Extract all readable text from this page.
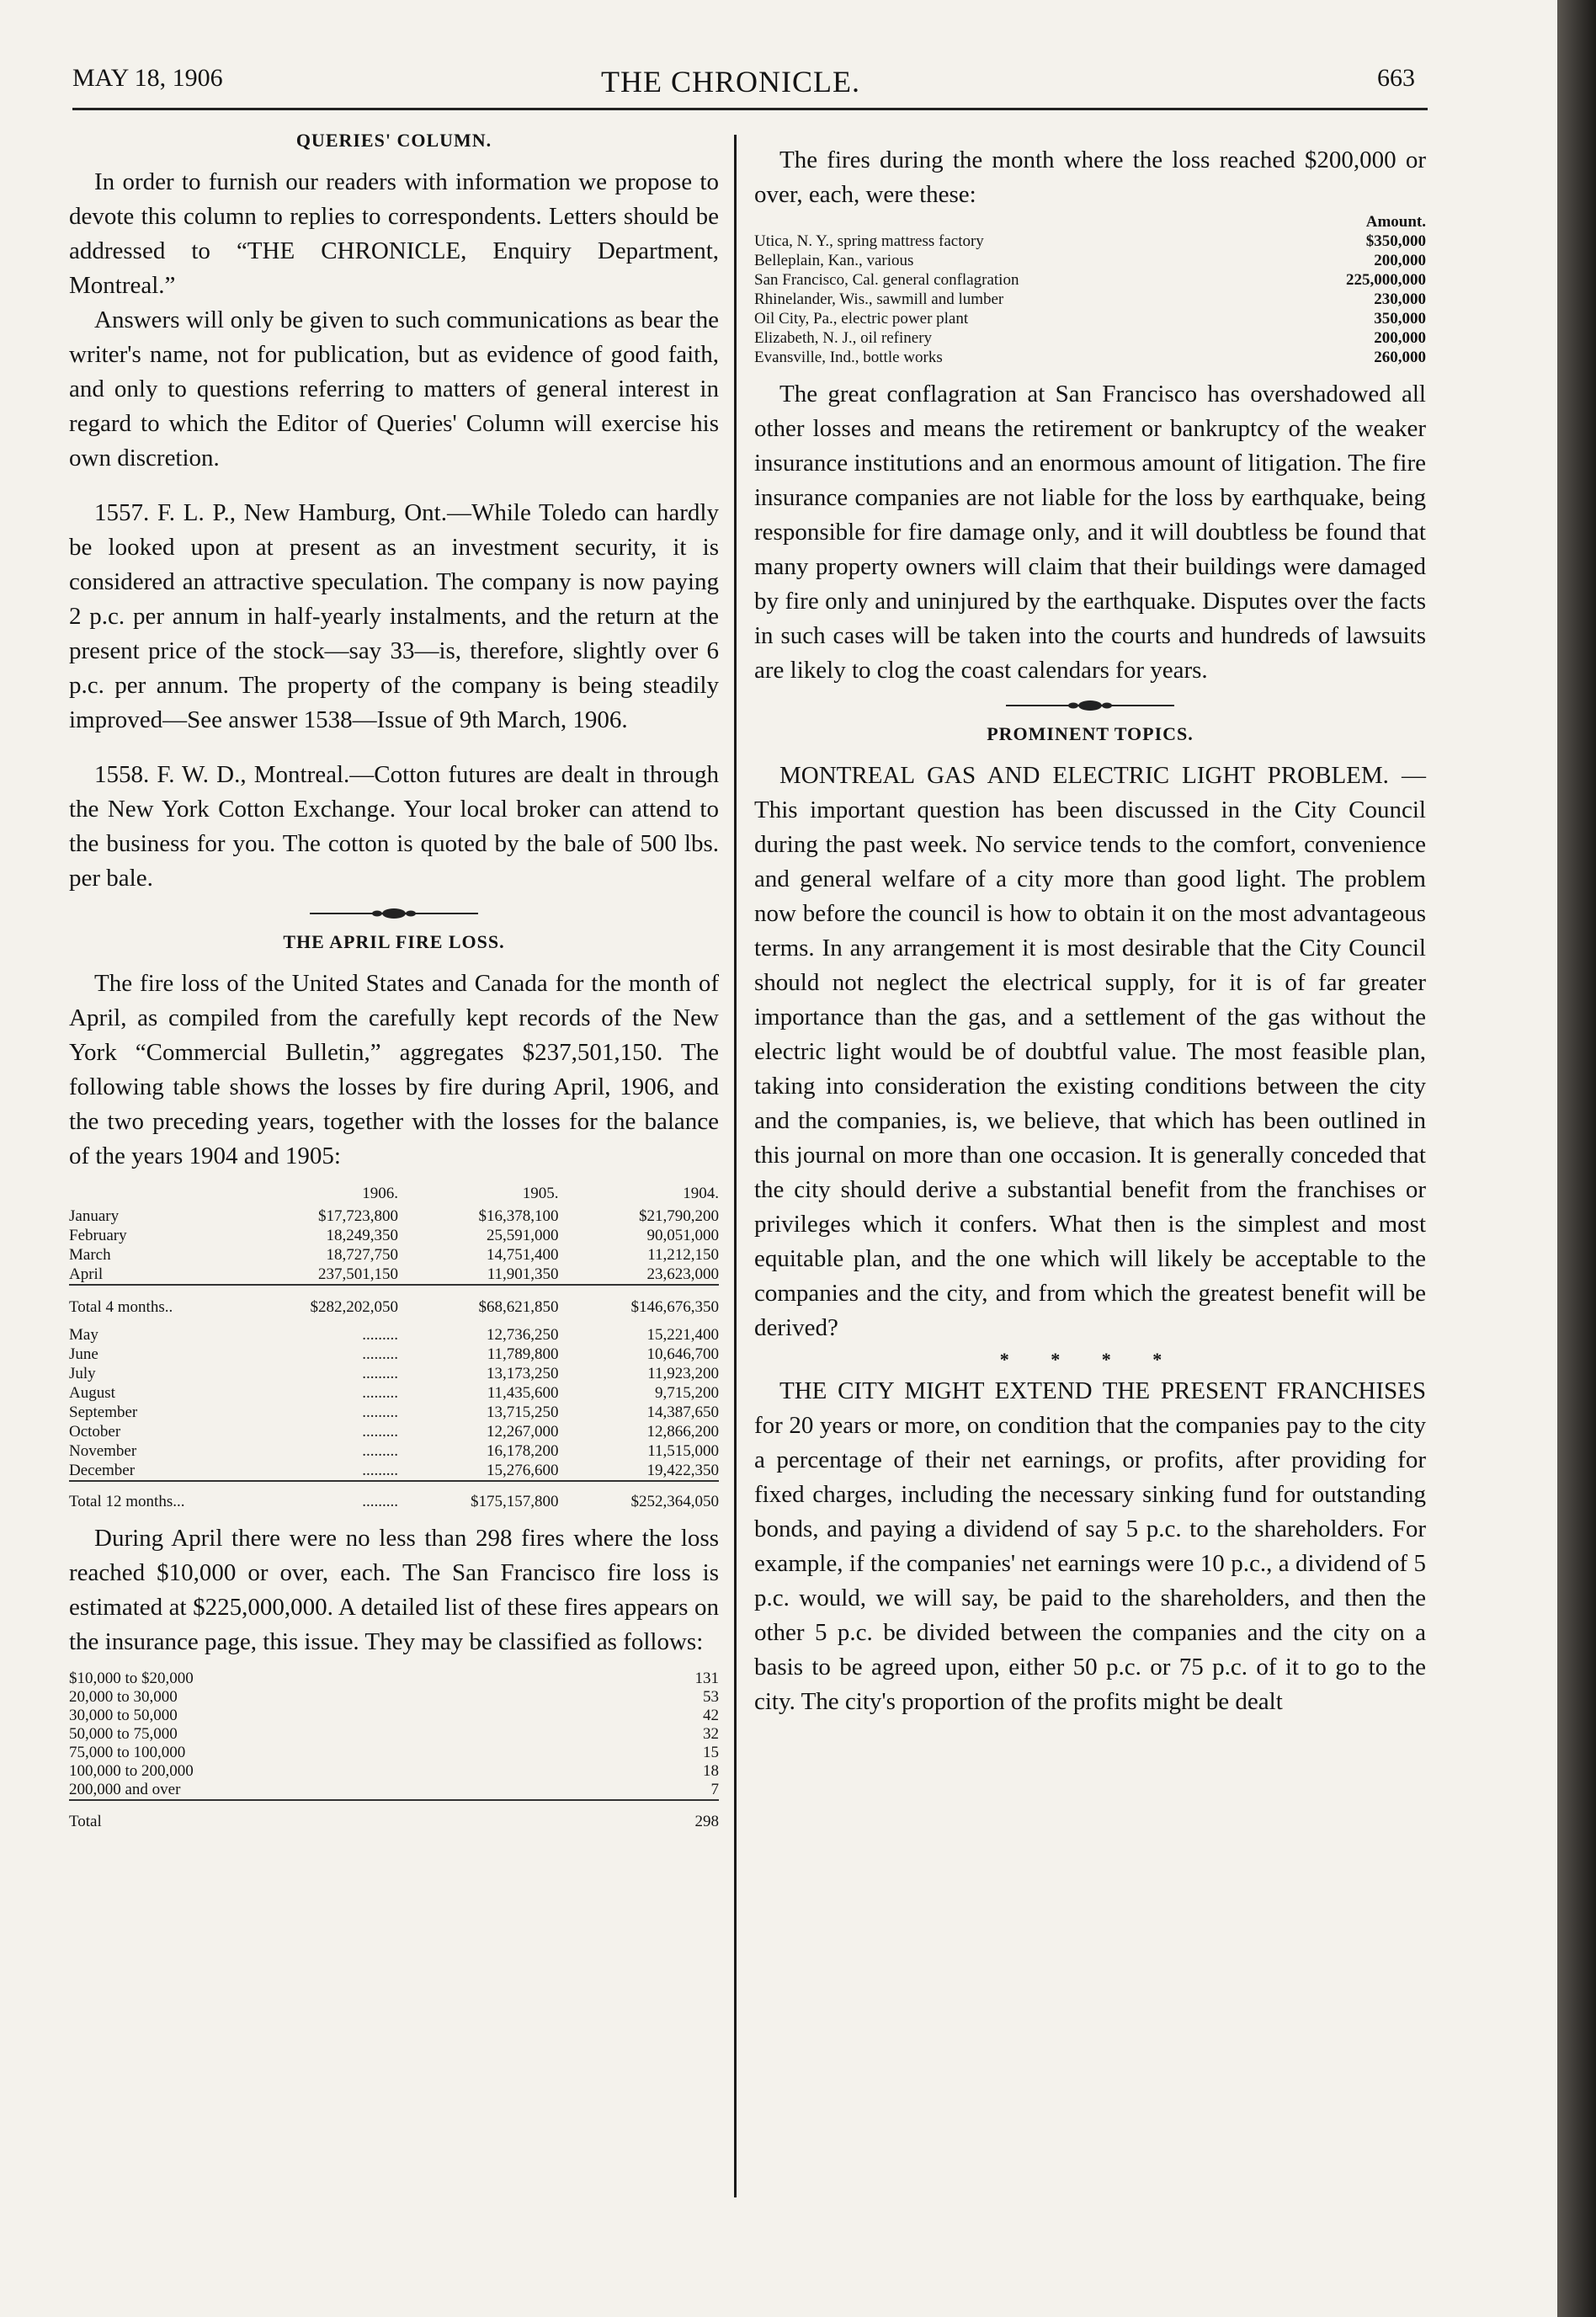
MAY 18, 1906	THE CHRONICLE.	663
QUERIES' COLUMN.

In order to furnish our readers with information we propose to devote this column to replies to correspondents. Letters should be addressed to “THE CHRONICLE, Enquiry Department, Montreal.”

Answers will only be given to such communications as bear the writer's name, not for publication, but as evidence of good faith, and only to questions referring to matters of general interest in regard to which the Editor of Queries' Column will exercise his own discretion.

1557. F. L. P., New Hamburg, Ont.—While Toledo can hardly be looked upon at present as an investment security, it is considered an attractive speculation. The company is now paying 2 p.c. per annum in half-yearly instalments, and the return at the present price of the stock—say 33—is, therefore, slightly over 6 p.c. per annum. The property of the company is being steadily improved—See answer 1538—Issue of 9th March, 1906.

1558. F. W. D., Montreal.—Cotton futures are dealt in through the New York Cotton Exchange. Your local broker can attend to the business for you. The cotton is quoted by the bale of 500 lbs. per bale.

THE APRIL FIRE LOSS.

The fire loss of the United States and Canada for the month of April, as compiled from the carefully kept records of the New York “Commercial Bulletin,” aggregates $237,501,150. The following table shows the losses by fire during April, 1906, and the two preceding years, together with the losses for the balance of the years 1904 and 1905:

	1906.	1905.	1904.
January	$17,723,800	$16,378,100	$21,790,200
February	18,249,350	25,591,000	90,051,000
March	18,727,750	14,751,400	11,212,150
April	237,501,150	11,901,350	23,623,000
Total 4 months..	$282,202,050	$68,621,850	$146,676,350
May	.........	12,736,250	15,221,400
June	.........	11,789,800	10,646,700
July	.........	13,173,250	11,923,200
August	.........	11,435,600	9,715,200
September	.........	13,715,250	14,387,650
October	.........	12,267,000	12,866,200
November	.........	16,178,200	11,515,000
December	.........	15,276,600	19,422,350
Total 12 months...	.........	$175,157,800	$252,364,050

During April there were no less than 298 fires where the loss reached $10,000 or over, each. The San Francisco fire loss is estimated at $225,000,000. A detailed list of these fires appears on the insurance page, this issue. They may be classified as follows:

$10,000 to $20,000	131
20,000 to 30,000	53
30,000 to 50,000	42
50,000 to 75,000	32
75,000 to 100,000	15
100,000 to 200,000	18
200,000 and over	7
Total	298

The fires during the month where the loss reached $200,000 or over, each, were these:

	Amount.
Utica, N. Y., spring mattress factory	$350,000
Belleplain, Kan., various	200,000
San Francisco, Cal. general conflagration	225,000,000
Rhinelander, Wis., sawmill and lumber	230,000
Oil City, Pa., electric power plant	350,000
Elizabeth, N. J., oil refinery	200,000
Evansville, Ind., bottle works	260,000

The great conflagration at San Francisco has overshadowed all other losses and means the retirement or bankruptcy of the weaker insurance institutions and an enormous amount of litigation. The fire insurance companies are not liable for the loss by earthquake, being responsible for fire damage only, and it will doubtless be found that many property owners will claim that their buildings were damaged by fire only and uninjured by the earthquake. Disputes over the facts in such cases will be taken into the courts and hundreds of lawsuits are likely to clog the coast calendars for years.

PROMINENT TOPICS.

MONTREAL GAS AND ELECTRIC LIGHT PROBLEM. —This important question has been discussed in the City Council during the past week. No service tends to the comfort, convenience and general welfare of a city more than good light. The problem now before the council is how to obtain it on the most advantageous terms. In any arrangement it is most desirable that the City Council should not neglect the electrical supply, for it is of far greater importance than the gas, and a settlement of the gas without the electric light would be of doubtful value. The most feasible plan, taking into consideration the existing conditions between the city and the companies, is, we believe, that which has been outlined in this journal on more than one occasion. It is generally conceded that the city should derive a substantial benefit from the franchises or privileges which it confers. What then is the simplest and most equitable plan, and the one which will likely be acceptable to the companies and the city, and from which the greatest benefit will be derived?

* * * *

THE CITY MIGHT EXTEND THE PRESENT FRANCHISES for 20 years or more, on condition that the companies pay to the city a percentage of their net earnings, or profits, after providing for fixed charges, including the necessary sinking fund for outstanding bonds, and paying a dividend of say 5 p.c. to the shareholders. For example, if the companies' net earnings were 10 p.c., a dividend of 5 p.c. would, we will say, be paid to the shareholders, and then the other 5 p.c. be divided between the companies and the city on a basis to be agreed upon, either 50 p.c. or 75 p.c. of it to go to the city. The city's proportion of the profits might be dealt
